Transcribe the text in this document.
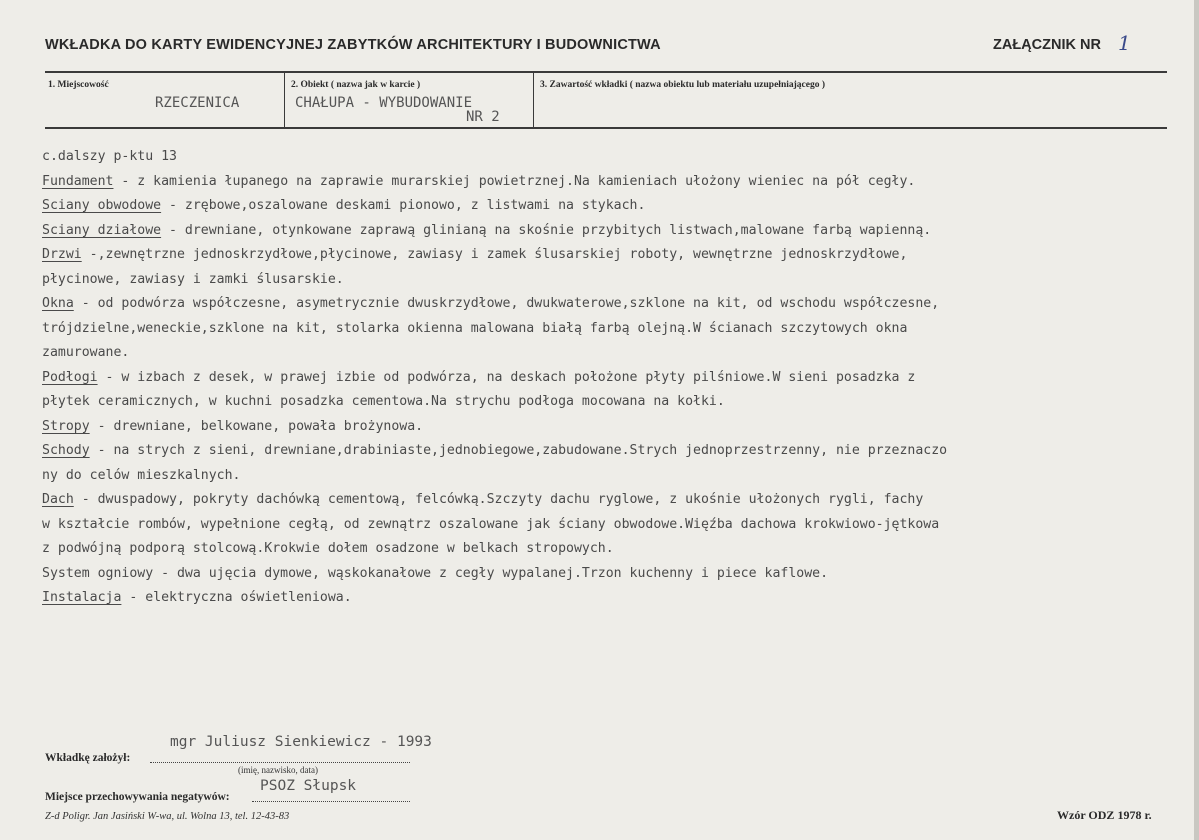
WKŁADKA DO KARTY EWIDENCYJNEJ ZABYTKÓW ARCHITEKTURY I BUDOWNICTWA	ZAŁĄCZNIK NR 1
1. Miejscowość
RZECZENICA
2. Obiekt ( nazwa jak w karcie )
CHAŁUPA - WYBUDOWANIE
NR 2
3. Zawartość wkładki ( nazwa obiektu lub materiału uzupełniającego )
c.dalszy p-ktu 13
Fundament - z kamienia łupanego na zaprawie murarskiej powietrznej.Na kamieniach ułożony wieniec na pół cegły.
Sciany obwodowe - zrębowe,oszalowane deskami pionowo, z listwami na stykach.
Sciany działowe - drewniane, otynkowane zaprawą glinianą na skośnie przybitych listwach,malowane farbą wapienną.
Drzwi -,zewnętrzne jednoskrzydłowe,płycinowe, zawiasy i zamek ślusarskiej roboty, wewnętrzne jednoskrzydłowe,
płycinowe, zawiasy i zamki ślusarskie.
Okna - od podwórza współczesne, asymetrycznie dwuskrzydłowe, dwukwaterowe,szklone na kit, od wschodu współczesne,
trójdzielne,weneckie,szklone na kit, stolarka okienna malowana białą farbą olejną.W ścianach szczytowych okna
zamurowane.
Podłogi - w izbach z desek, w prawej izbie od podwórza, na deskach położone płyty pilśniowe.W sieni posadzka z
płytek ceramicznych, w kuchni posadzka cementowa.Na strychu podłoga mocowana na kołki.
Stropy - drewniane, belkowane, powała brożynowa.
Schody - na strych z sieni, drewniane,drabiniaste,jednobiegowe,zabudowane.Strych jednoprzestrzenny, nie przeznaczo
ny do celów mieszkalnych.
Dach - dwuspadowy, pokryty dachówką cementową, felcówką.Szczyty dachu ryglowe, z ukośnie ułożonych rygli, fachy
w kształcie rombów, wypełnione cegłą, od zewnątrz oszalowane jak ściany obwodowe.Więźba dachowa krokwiowo-jętkowa
z podwójną podporą stolcową.Krokwie dołem osadzone w belkach stropowych.
System ogniowy - dwa ujęcia dymowe, wąskokanałowe z cegły wypalanej.Trzon kuchenny i piece kaflowe.
Instalacja - elektryczna oświetleniowa.
mgr Juliusz Sienkiewicz - 1993
Wkładkę założył:
(imię, nazwisko, data)
PSOZ Słupsk
Miejsce przechowywania negatywów:
Z-d Poligr. Jan Jasiński W-wa, ul. Wolna 13, tel. 12-43-83	Wzór ODZ 1978 r.
